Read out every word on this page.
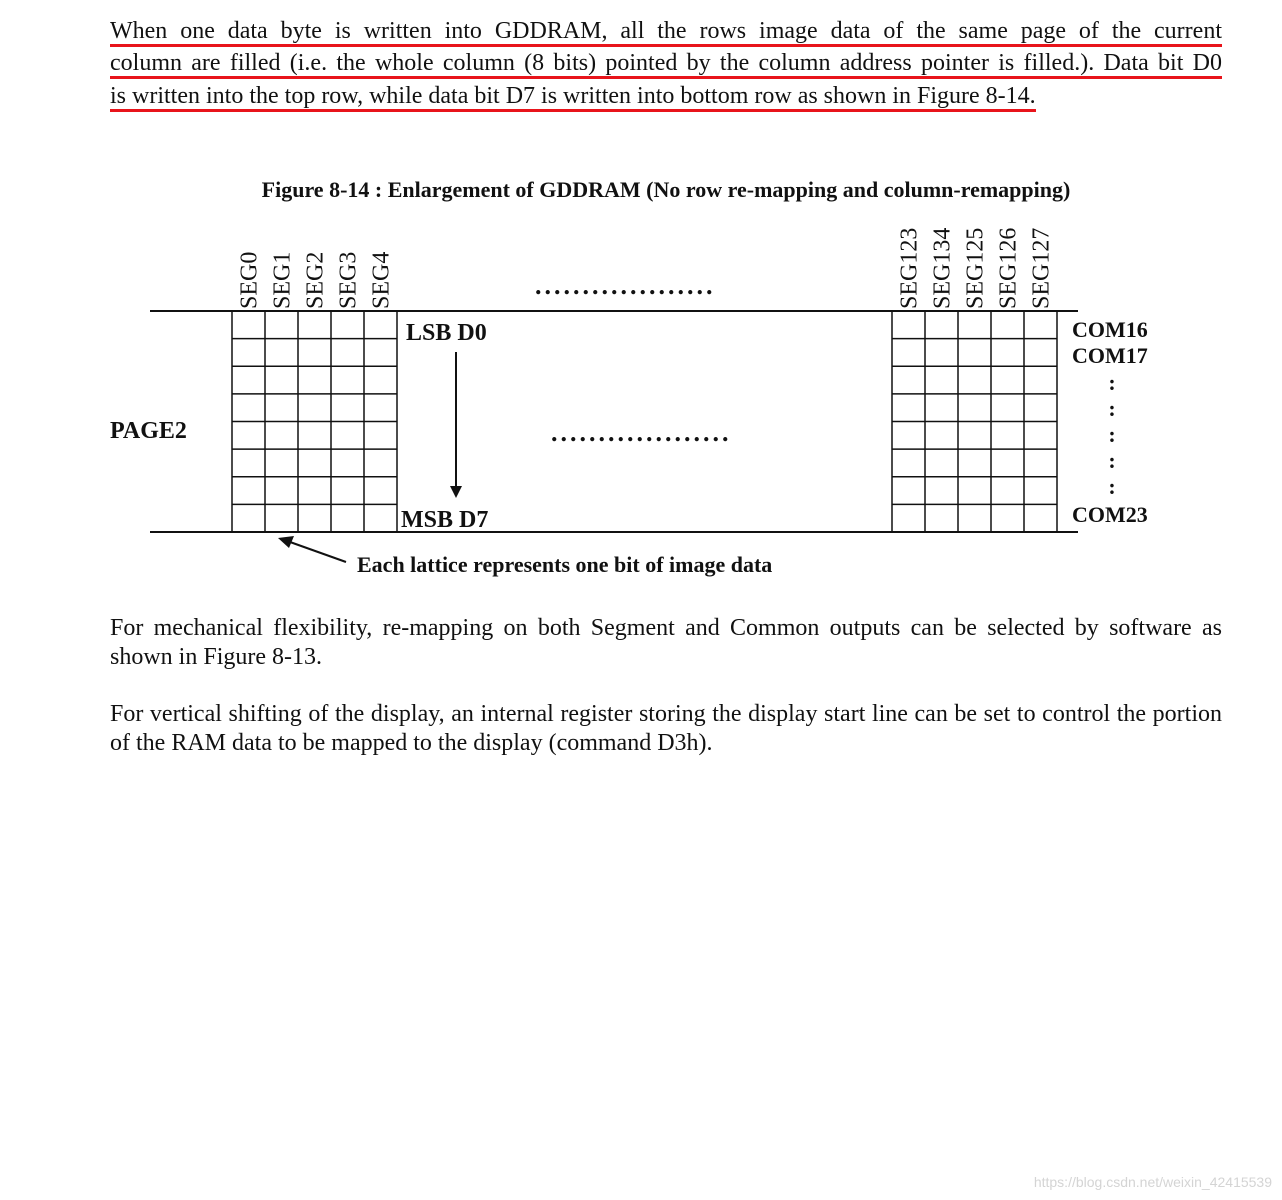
When one data byte is written into GDDRAM, all the rows image data of the same page of the current
column are filled (i.e. the whole column (8 bits) pointed by the column address pointer is filled.). Data bit D0
is written into the top row, while data bit D7 is written into bottom row as shown in Figure 8-14.
Figure 8-14 : Enlargement of GDDRAM (No row re-mapping and column-remapping)
SEG0 SEG1 SEG2 SEG3 SEG4	SEG123 SEG134 SEG125 SEG126 SEG127
...................
LSB D0
MSB D7
PAGE2	...................
COM16
COM17
:
:
:
:
:
COM23
Each lattice represents one bit of image data
For mechanical flexibility, re-mapping on both Segment and Common outputs can be selected by software as shown in Figure 8-13.
For vertical shifting of the display, an internal register storing the display start line can be set to control the portion of the RAM data to be mapped to the display (command D3h).
https://blog.csdn.net/weixin_42415539
